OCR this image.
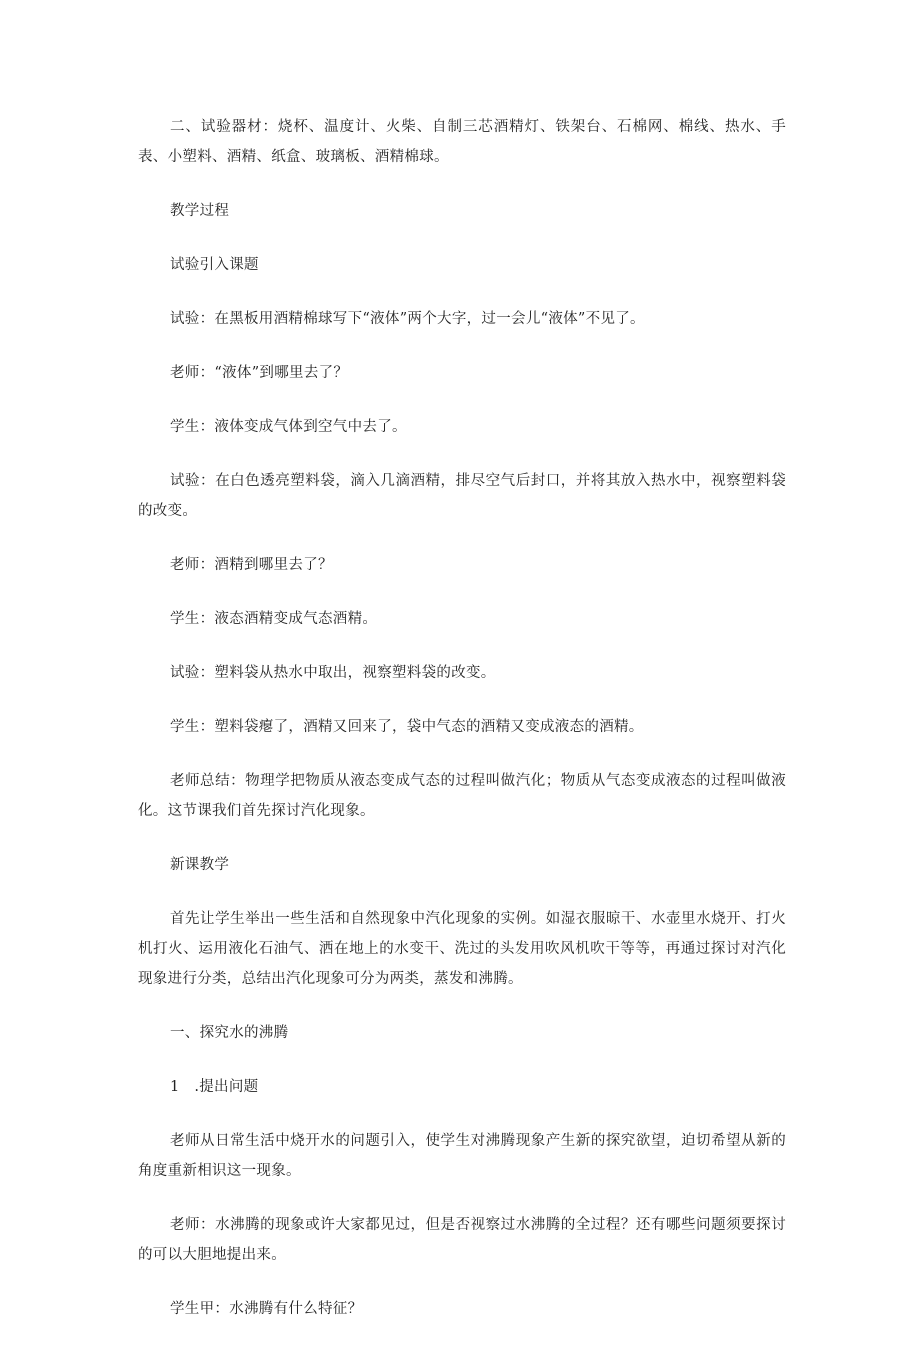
二、试验器材：烧杯、温度计、火柴、自制三芯酒精灯、铁架台、石棉网、棉线、热水、手表、小塑料、酒精、纸盒、玻璃板、酒精棉球。

教学过程

试验引入课题

试验：在黑板用酒精棉球写下“液体”两个大字，过一会儿“液体”不见了。

老师：“液体”到哪里去了？

学生：液体变成气体到空气中去了。

试验：在白色透亮塑料袋，滴入几滴酒精，排尽空气后封口，并将其放入热水中，视察塑料袋的改变。

老师：酒精到哪里去了？

学生：液态酒精变成气态酒精。

试验：塑料袋从热水中取出，视察塑料袋的改变。

学生：塑料袋瘪了，酒精又回来了，袋中气态的酒精又变成液态的酒精。

老师总结：物理学把物质从液态变成气态的过程叫做汽化；物质从气态变成液态的过程叫做液化。这节课我们首先探讨汽化现象。

新课教学

首先让学生举出一些生活和自然现象中汽化现象的实例。如湿衣服晾干、水壶里水烧开、打火机打火、运用液化石油气、洒在地上的水变干、洗过的头发用吹风机吹干等等，再通过探讨对汽化现象进行分类，总结出汽化现象可分为两类，蒸发和沸腾。

一、探究水的沸腾

1　.提出问题

老师从日常生活中烧开水的问题引入，使学生对沸腾现象产生新的探究欲望，迫切希望从新的角度重新相识这一现象。

老师：水沸腾的现象或许大家都见过，但是否视察过水沸腾的全过程？还有哪些问题须要探讨的可以大胆地提出来。

学生甲：水沸腾有什么特征？
